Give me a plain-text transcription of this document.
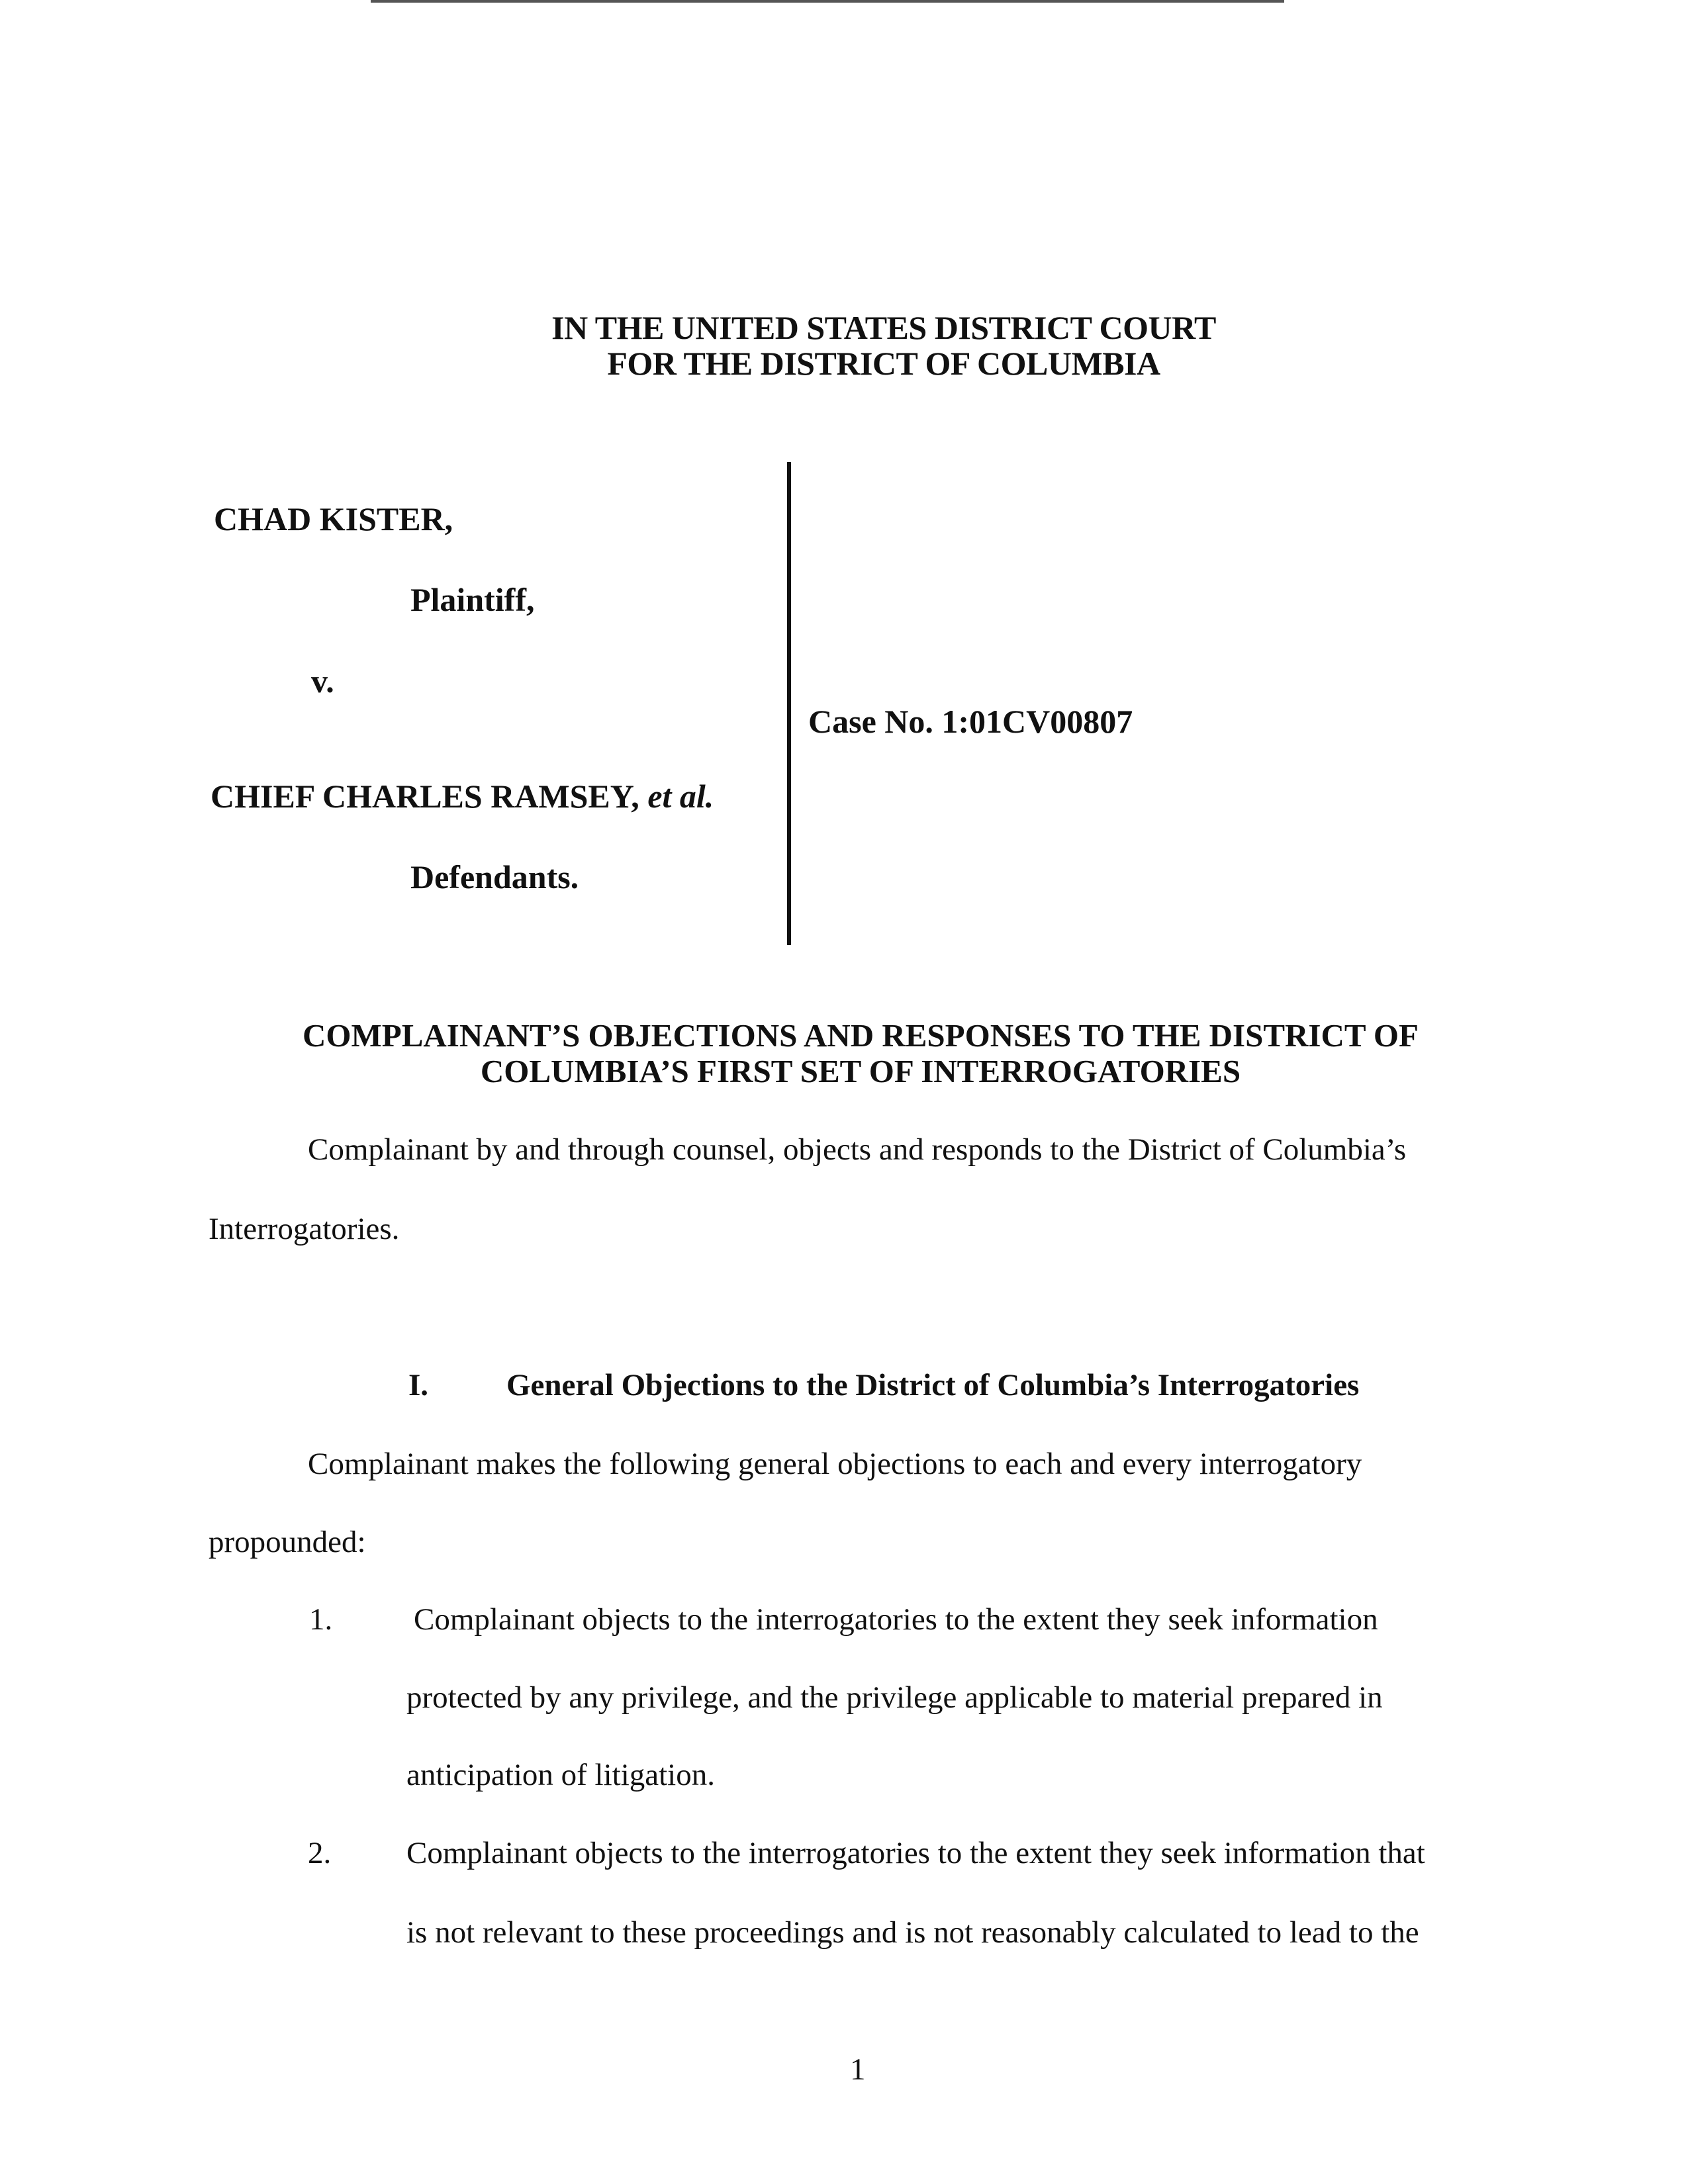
IN THE UNITED STATES DISTRICT COURT
FOR THE DISTRICT OF COLUMBIA
CHAD KISTER,
Plaintiff,
v.
CHIEF CHARLES RAMSEY, et al.
Defendants.
Case No. 1:01CV00807
COMPLAINANT’S OBJECTIONS AND RESPONSES TO THE DISTRICT OF
COLUMBIA’S FIRST SET OF INTERROGATORIES
Complainant by and through counsel, objects and responds to the District of Columbia’s
Interrogatories.
I.	General Objections to the District of Columbia’s Interrogatories
Complainant makes the following general objections to each and every interrogatory
propounded:
1.	Complainant objects to the interrogatories to the extent they seek information
protected by any privilege, and the privilege applicable to material prepared in
anticipation of litigation.
2. Complainant objects to the interrogatories to the extent they seek information that
is not relevant to these proceedings and is not reasonably calculated to lead to the
1
